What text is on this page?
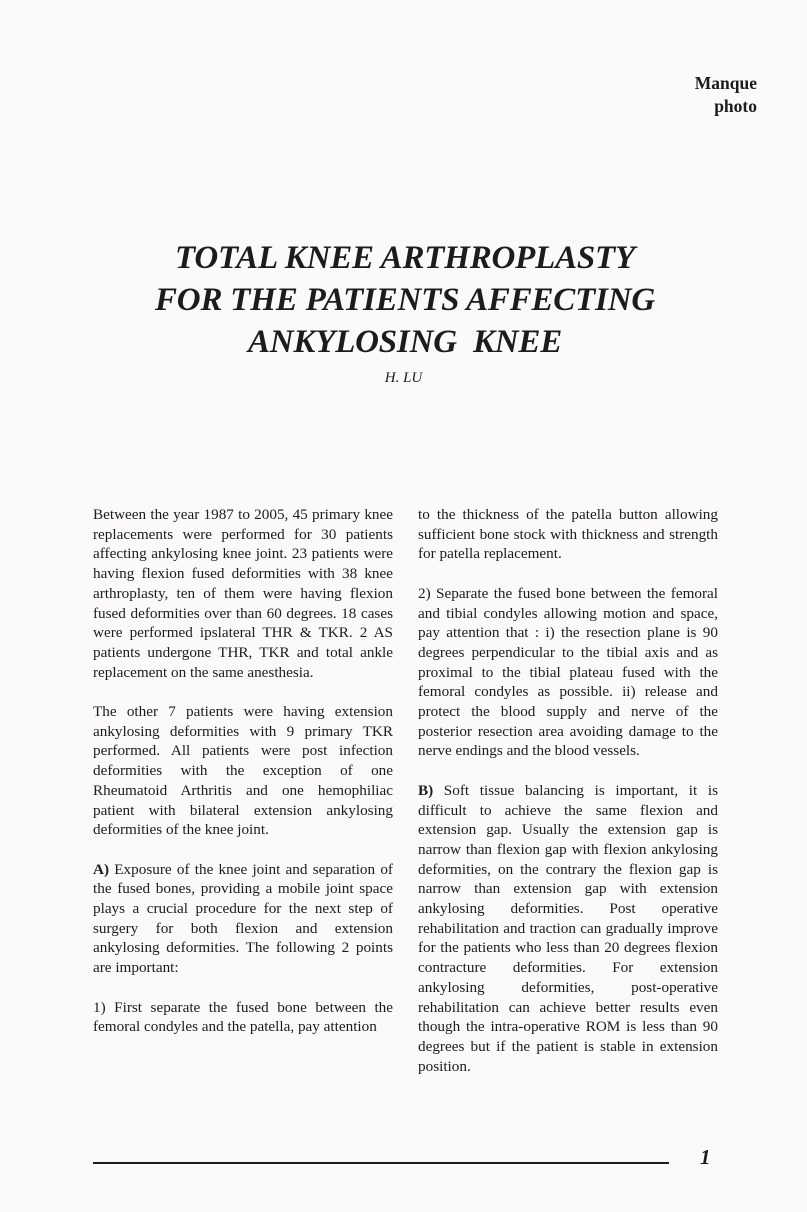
Manque
photo
TOTAL KNEE ARTHROPLASTY
FOR THE PATIENTS AFFECTING
ANKYLOSING  KNEE
H. LU

Between the year 1987 to 2005, 45 primary knee replacements were performed for 30 patients affecting ankylosing knee joint. 23 patients were having flexion fused deformities with 38 knee arthroplasty, ten of them were having flexion fused deformities over than 60 degrees. 18 cases were performed ipslateral THR & TKR. 2 AS patients undergone THR, TKR and total ankle replacement on the same anesthesia.

The other 7 patients were having extension ankylosing deformities with 9 primary TKR performed. All patients were post infection deformities with the exception of one Rheumatoid Arthritis and one hemophiliac patient with bilateral extension ankylosing deformities of the knee joint.

A) Exposure of the knee joint and separation of the fused bones, providing a mobile joint space plays a crucial procedure for the next step of surgery for both flexion and extension ankylosing deformities. The following 2 points are important:

1) First separate the fused bone between the femoral condyles and the patella, pay attention

to the thickness of the patella button allowing sufficient bone stock with thickness and strength for patella replacement.

2) Separate the fused bone between the femoral and tibial condyles allowing motion and space, pay attention that : i) the resection plane is 90 degrees perpendicular to the tibial axis and as proximal to the tibial plateau fused with the femoral condyles as possible. ii) release and protect the blood supply and nerve of the posterior resection area avoiding damage to the nerve endings and the blood vessels.

B) Soft tissue balancing is important, it is difficult to achieve the same flexion and extension gap. Usually the extension gap is narrow than flexion gap with flexion ankylosing deformities, on the contrary the flexion gap is narrow than extension gap with extension ankylosing deformities. Post operative rehabilitation and traction can gradually improve for the patients who less than 20 degrees flexion contracture deformities. For extension ankylosing deformities, post-operative rehabilitation can achieve better results even though the intra-operative ROM is less than 90 degrees but if the patient is stable in extension position.

1
